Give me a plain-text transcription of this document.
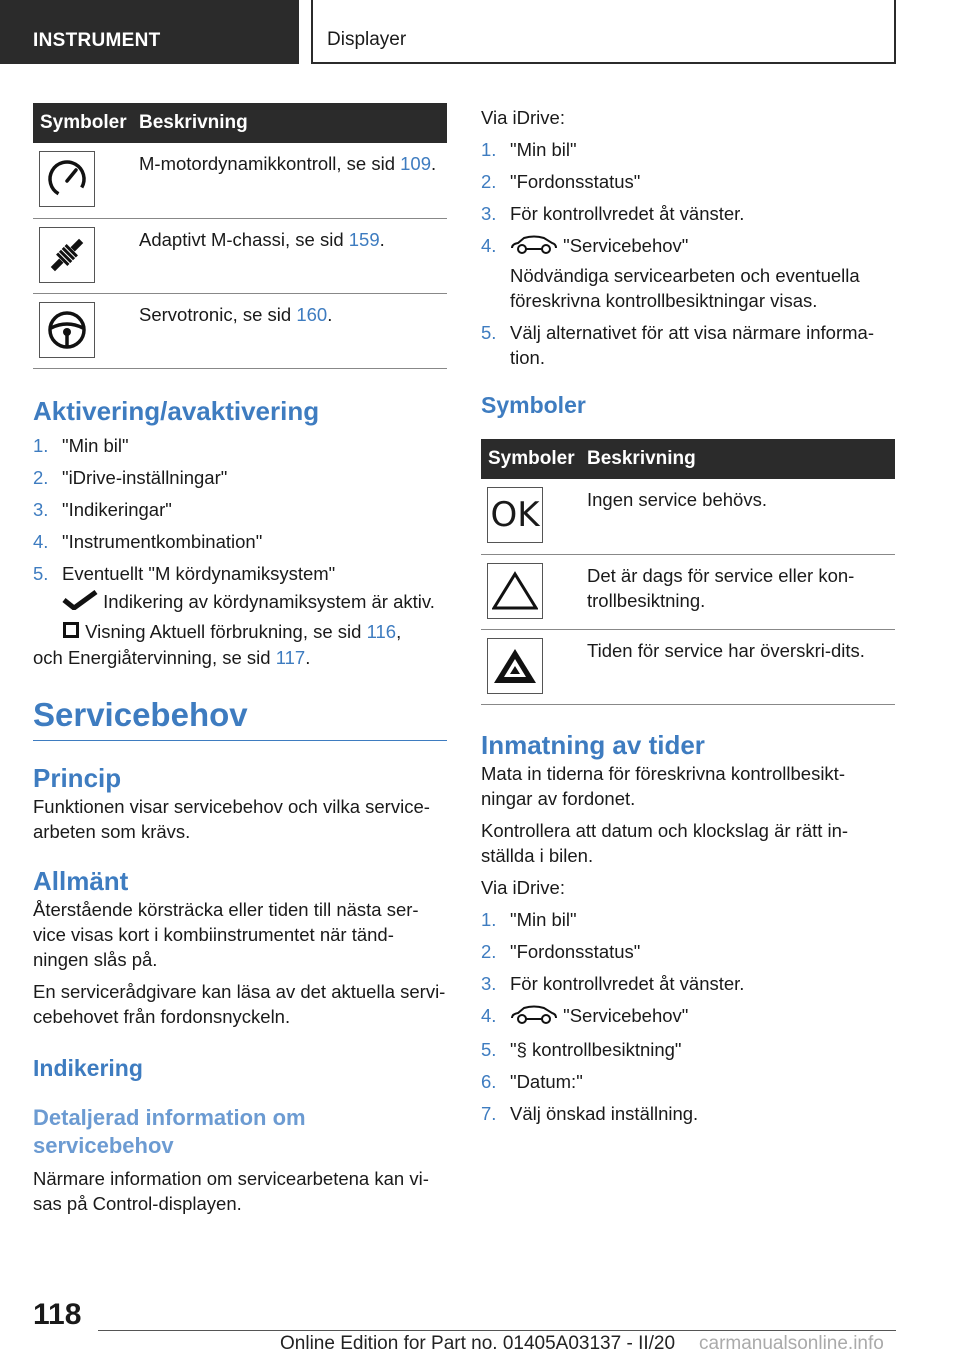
INSTRUMENT	Displayer
Symboler	Beskrivning

	M-motordynamikkontroll, se sid 109.

	Adaptivt M-chassi, se sid 159.

	Servotronic, se sid 160.
Aktivering/avaktivering
1. "Min bil"
2. "iDrive-inställningar"
3. "Indikeringar"
4. "Instrumentkombination"
5. Eventuellt "M kördynamiksystem"
Indikering av kördynamiksystem är aktiv.
Visning Aktuell förbrukning, se sid 116,
och Energiåtervinning, se sid 117.
Servicebehov
Princip

Funktionen visar servicebehov och vilka service-arbeten som krävs.

Allmänt

Återstående körsträcka eller tiden till nästa ser-vice visas kort i kombiinstrumentet när tänd-ningen slås på.

En servicerådgivare kan läsa av det aktuella servi-cebehovet från fordonsnyckeln.

Indikering
Detaljerad information om servicebehov

Närmare information om servicearbetena kan vi-sas på Control-displayen.

Via iDrive:

1. "Min bil"
2. "Fordonsstatus"
3. För kontrollvredet åt vänster.
4.	"Servicebehov"
Nödvändiga servicearbeten och eventuella föreskrivna kontrollbesiktningar visas.
5. Välj alternativet för att visa närmare informa-tion.
Symboler
Symboler	Beskrivning

OK	Ingen service behövs.

	Det är dags för service eller kon-trollbesiktning.

	Tiden för service har överskri-dits.
Inmatning av tider

Mata in tiderna för föreskrivna kontrollbesikt-ningar av fordonet.

Kontrollera att datum och klockslag är rätt in-ställda i bilen.

Via iDrive:

1. "Min bil"
2. "Fordonsstatus"
3. För kontrollvredet åt vänster.
4.	"Servicebehov"
5. "§ kontrollbesiktning"
6. "Datum:"
7. Välj önskad inställning.
118
Online Edition for Part no. 01405A03137 - II/20 carmanualsonline.info
